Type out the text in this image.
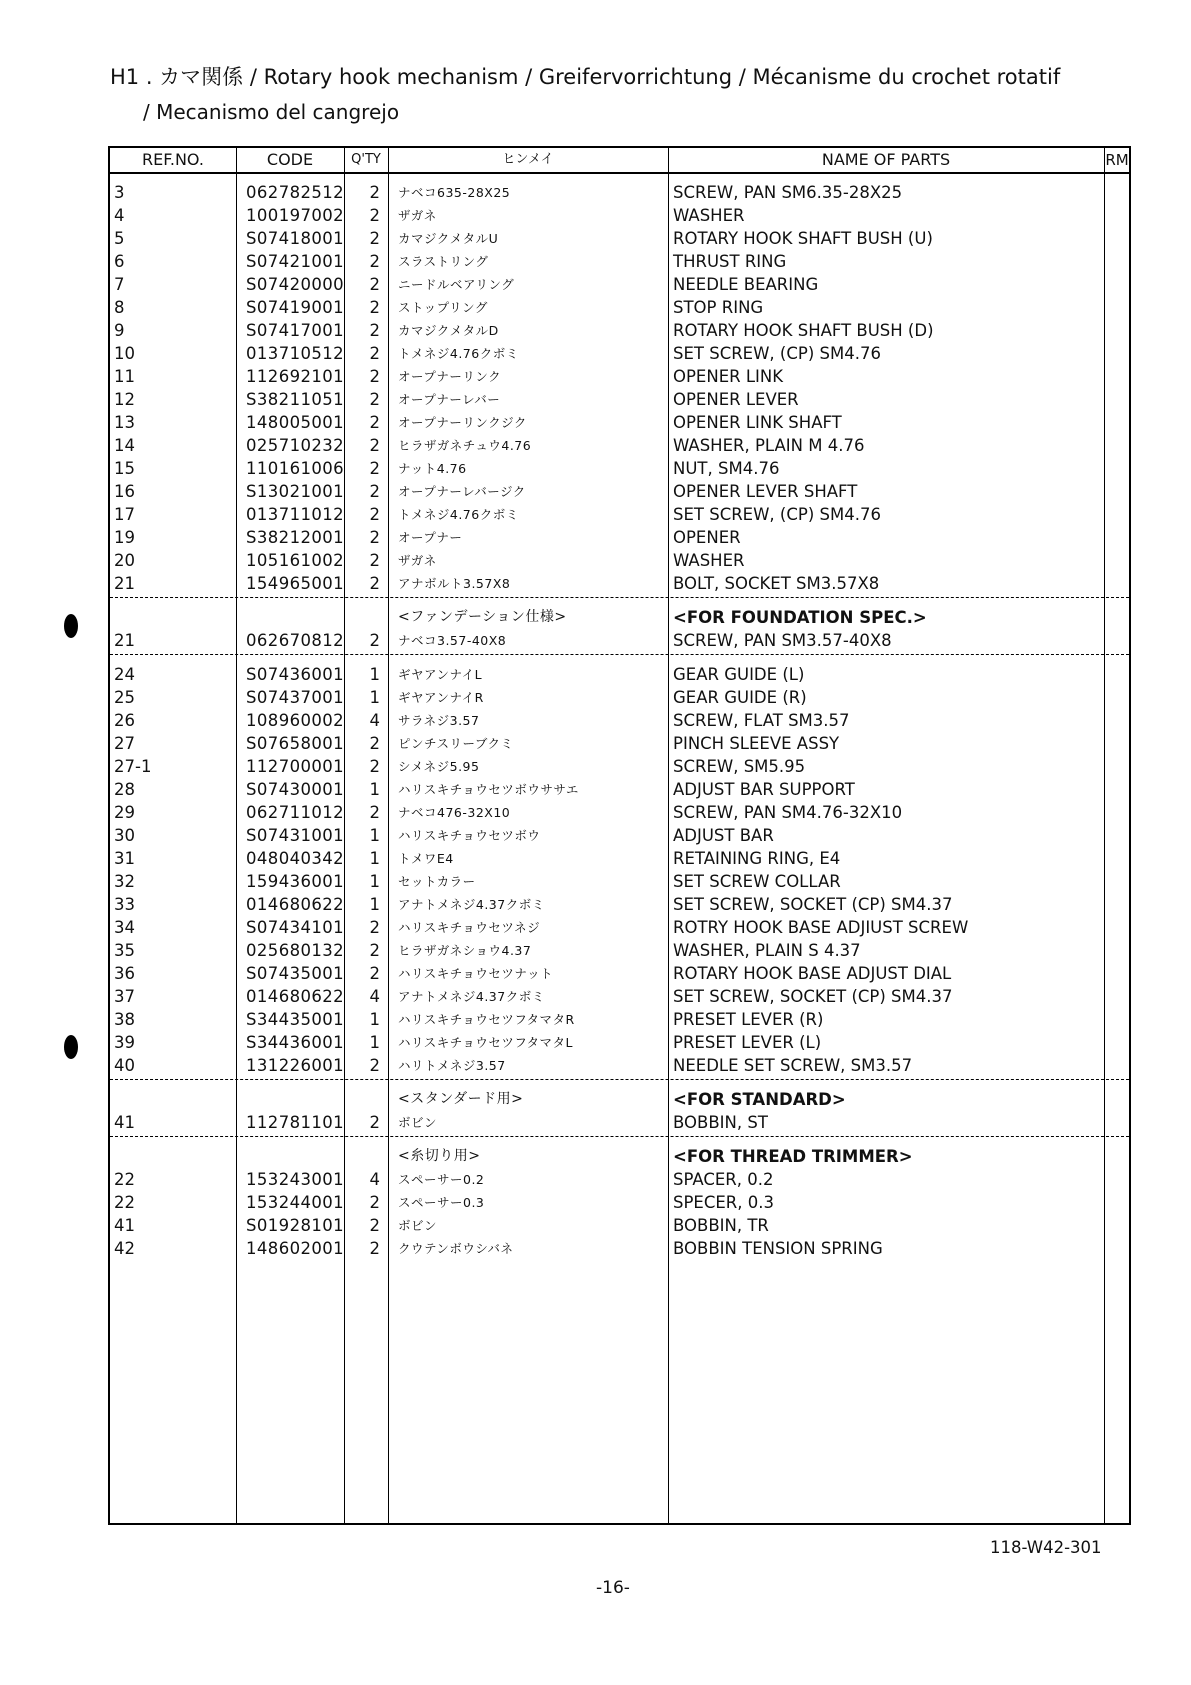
H1 . カマ関係 / Rotary hook mechanism / Greifervorrichtung / Mécanisme du crochet rotatif
/ Mecanismo del cangrejo
REF.NO.	CODE	Q'TY	ヒンメイ	NAME OF PARTS	RM
3	062782512	2 ナベコ635-28X25	SCREW, PAN SM6.35-28X25
4	100197002	2 ザガネ	WASHER
5	S07418001	2 カマジクメタルU	ROTARY HOOK SHAFT BUSH (U)
6	S07421001	2 スラストリング	THRUST RING
7	S07420000	2 ニードルベアリング	NEEDLE BEARING
8	S07419001	2 ストップリング	STOP RING
9	S07417001	2 カマジクメタルD	ROTARY HOOK SHAFT BUSH (D)
10	013710512	2 トメネジ4.76クボミ	SET SCREW, (CP) SM4.76
11	112692101	2 オープナーリンク	OPENER LINK
12	S38211051	2 オープナーレバー	OPENER LEVER
13	148005001	2 オープナーリンクジク	OPENER LINK SHAFT
14	025710232	2 ヒラザガネチュウ4.76	WASHER, PLAIN M 4.76
15	110161006	2 ナット4.76	NUT, SM4.76
16	S13021001	2 オープナーレバージク	OPENER LEVER SHAFT
17	013711012	2 トメネジ4.76クボミ	SET SCREW, (CP) SM4.76
19	S38212001	2 オープナー	OPENER
20	105161002	2 ザガネ	WASHER
21	154965001	2 アナボルト3.57X8	BOLT, SOCKET SM3.57X8
<ファンデーション仕様>	<FOR FOUNDATION SPEC.>
21	062670812	2 ナベコ3.57-40X8	SCREW, PAN SM3.57-40X8
24	S07436001	1 ギヤアンナイL	GEAR GUIDE (L)
25	S07437001	1 ギヤアンナイR	GEAR GUIDE (R)
26	108960002	4 サラネジ3.57	SCREW, FLAT SM3.57
27	S07658001	2 ピンチスリーブクミ	PINCH SLEEVE ASSY
27-1	112700001	2 シメネジ5.95	SCREW, SM5.95
28	S07430001	1 ハリスキチョウセツボウササエ	ADJUST BAR SUPPORT
29	062711012	2 ナベコ476-32X10	SCREW, PAN SM4.76-32X10
30	S07431001	1 ハリスキチョウセツボウ	ADJUST BAR
31	048040342	1 トメワE4	RETAINING RING, E4
32	159436001	1 セットカラー	SET SCREW COLLAR
33	014680622	1 アナトメネジ4.37クボミ	SET SCREW, SOCKET (CP) SM4.37
34	S07434101	2 ハリスキチョウセツネジ	ROTRY HOOK BASE ADJIUST SCREW
35	025680132	2 ヒラザガネショウ4.37	WASHER, PLAIN S 4.37
36	S07435001	2 ハリスキチョウセツナット	ROTARY HOOK BASE ADJUST DIAL
37	014680622	4 アナトメネジ4.37クボミ	SET SCREW, SOCKET (CP) SM4.37
38	S34435001	1 ハリスキチョウセツフタマタR	PRESET LEVER (R)
39	S34436001	1 ハリスキチョウセツフタマタL	PRESET LEVER (L)
40	131226001	2 ハリトメネジ3.57	NEEDLE SET SCREW, SM3.57
<スタンダード用>	<FOR STANDARD>
41	112781101	2 ボビン	BOBBIN, ST
<糸切り用>	<FOR THREAD TRIMMER>
22	153243001	4 スペーサー0.2	SPACER, 0.2
22	153244001	2 スペーサー0.3	SPECER, 0.3
41	S01928101	2 ボビン	BOBBIN, TR
42	148602001	2 クウテンボウシバネ	BOBBIN TENSION SPRING
118-W42-301
-16-
